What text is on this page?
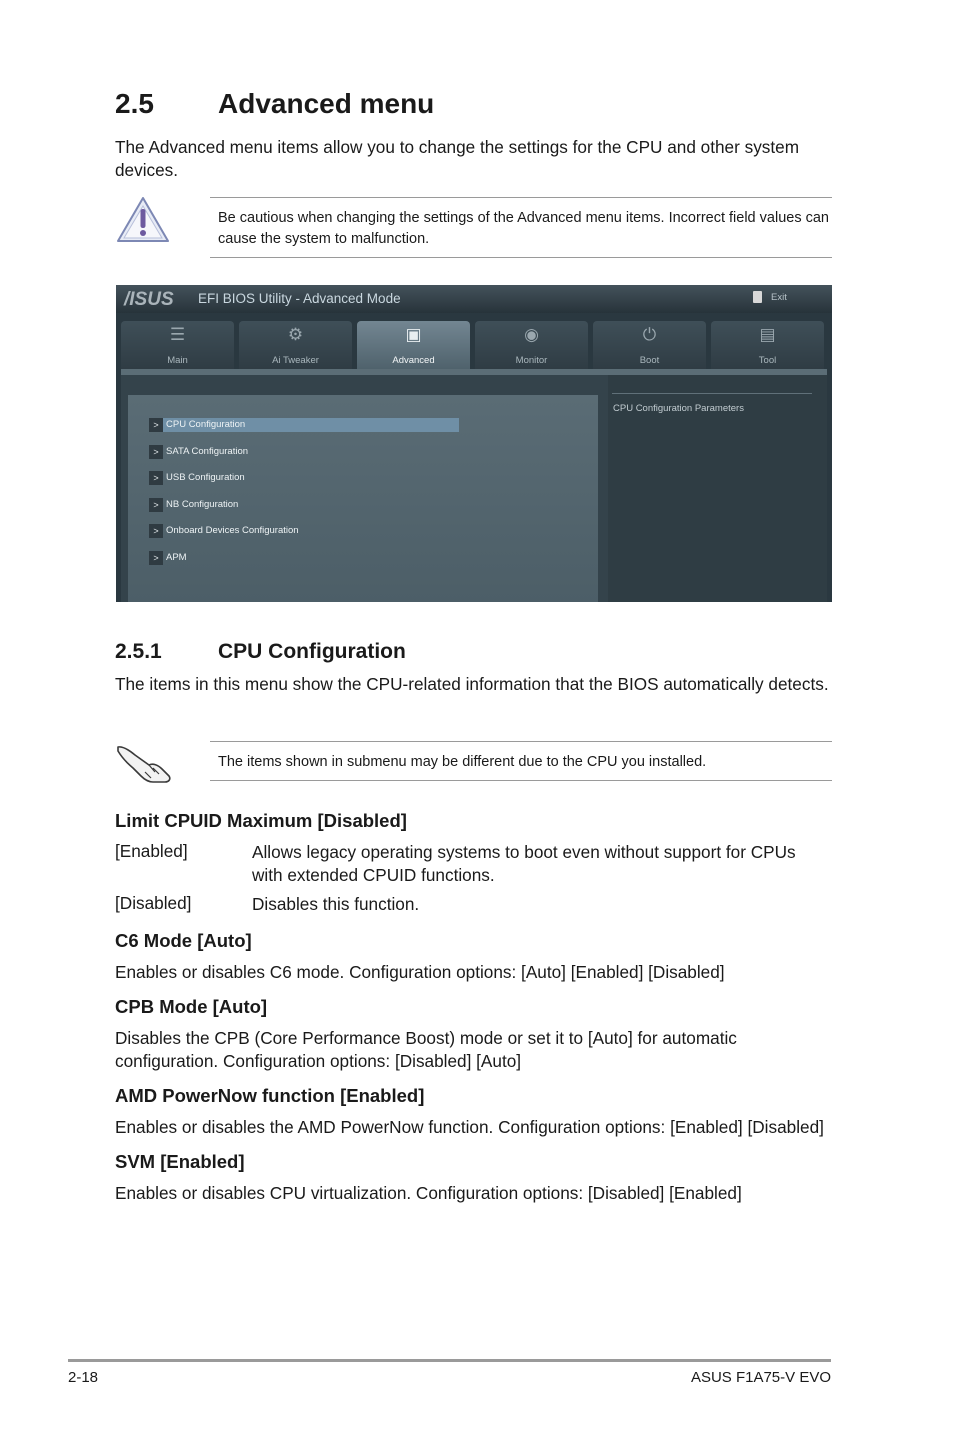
2.5 Advanced menu
The Advanced menu items allow you to change the settings for the CPU and other system devices.
Be cautious when changing the settings of the Advanced menu items. Incorrect field values can cause the system to malfunction.
/ISUS EFI BIOS Utility - Advanced Mode	Exit
☰
Main
⚙
Ai Tweaker
▣
Advanced
◉
Monitor
⏻
Boot
▤
Tool
> CPU Configuration
> SATA Configuration
> USB Configuration
> NB Configuration
> Onboard Devices Configuration
> APM
CPU Configuration Parameters
2.5.1	CPU Configuration
The items in this menu show the CPU-related information that the BIOS automatically detects.
The items shown in submenu may be different due to the CPU you installed.
Limit CPUID Maximum [Disabled]
[Enabled]	Allows legacy operating systems to boot even without support for CPUs with extended CPUID functions.
[Disabled]	Disables this function.
C6 Mode [Auto]
Enables or disables C6 mode. Configuration options: [Auto] [Enabled] [Disabled]
CPB Mode [Auto]
Disables the CPB (Core Performance Boost) mode or set it to [Auto] for automatic configuration. Configuration options: [Disabled] [Auto]
AMD PowerNow function [Enabled]
Enables or disables the AMD PowerNow function. Configuration options: [Enabled] [Disabled]
SVM [Enabled]
Enables or disables CPU virtualization. Configuration options: [Disabled] [Enabled]
2-18	ASUS F1A75-V EVO
